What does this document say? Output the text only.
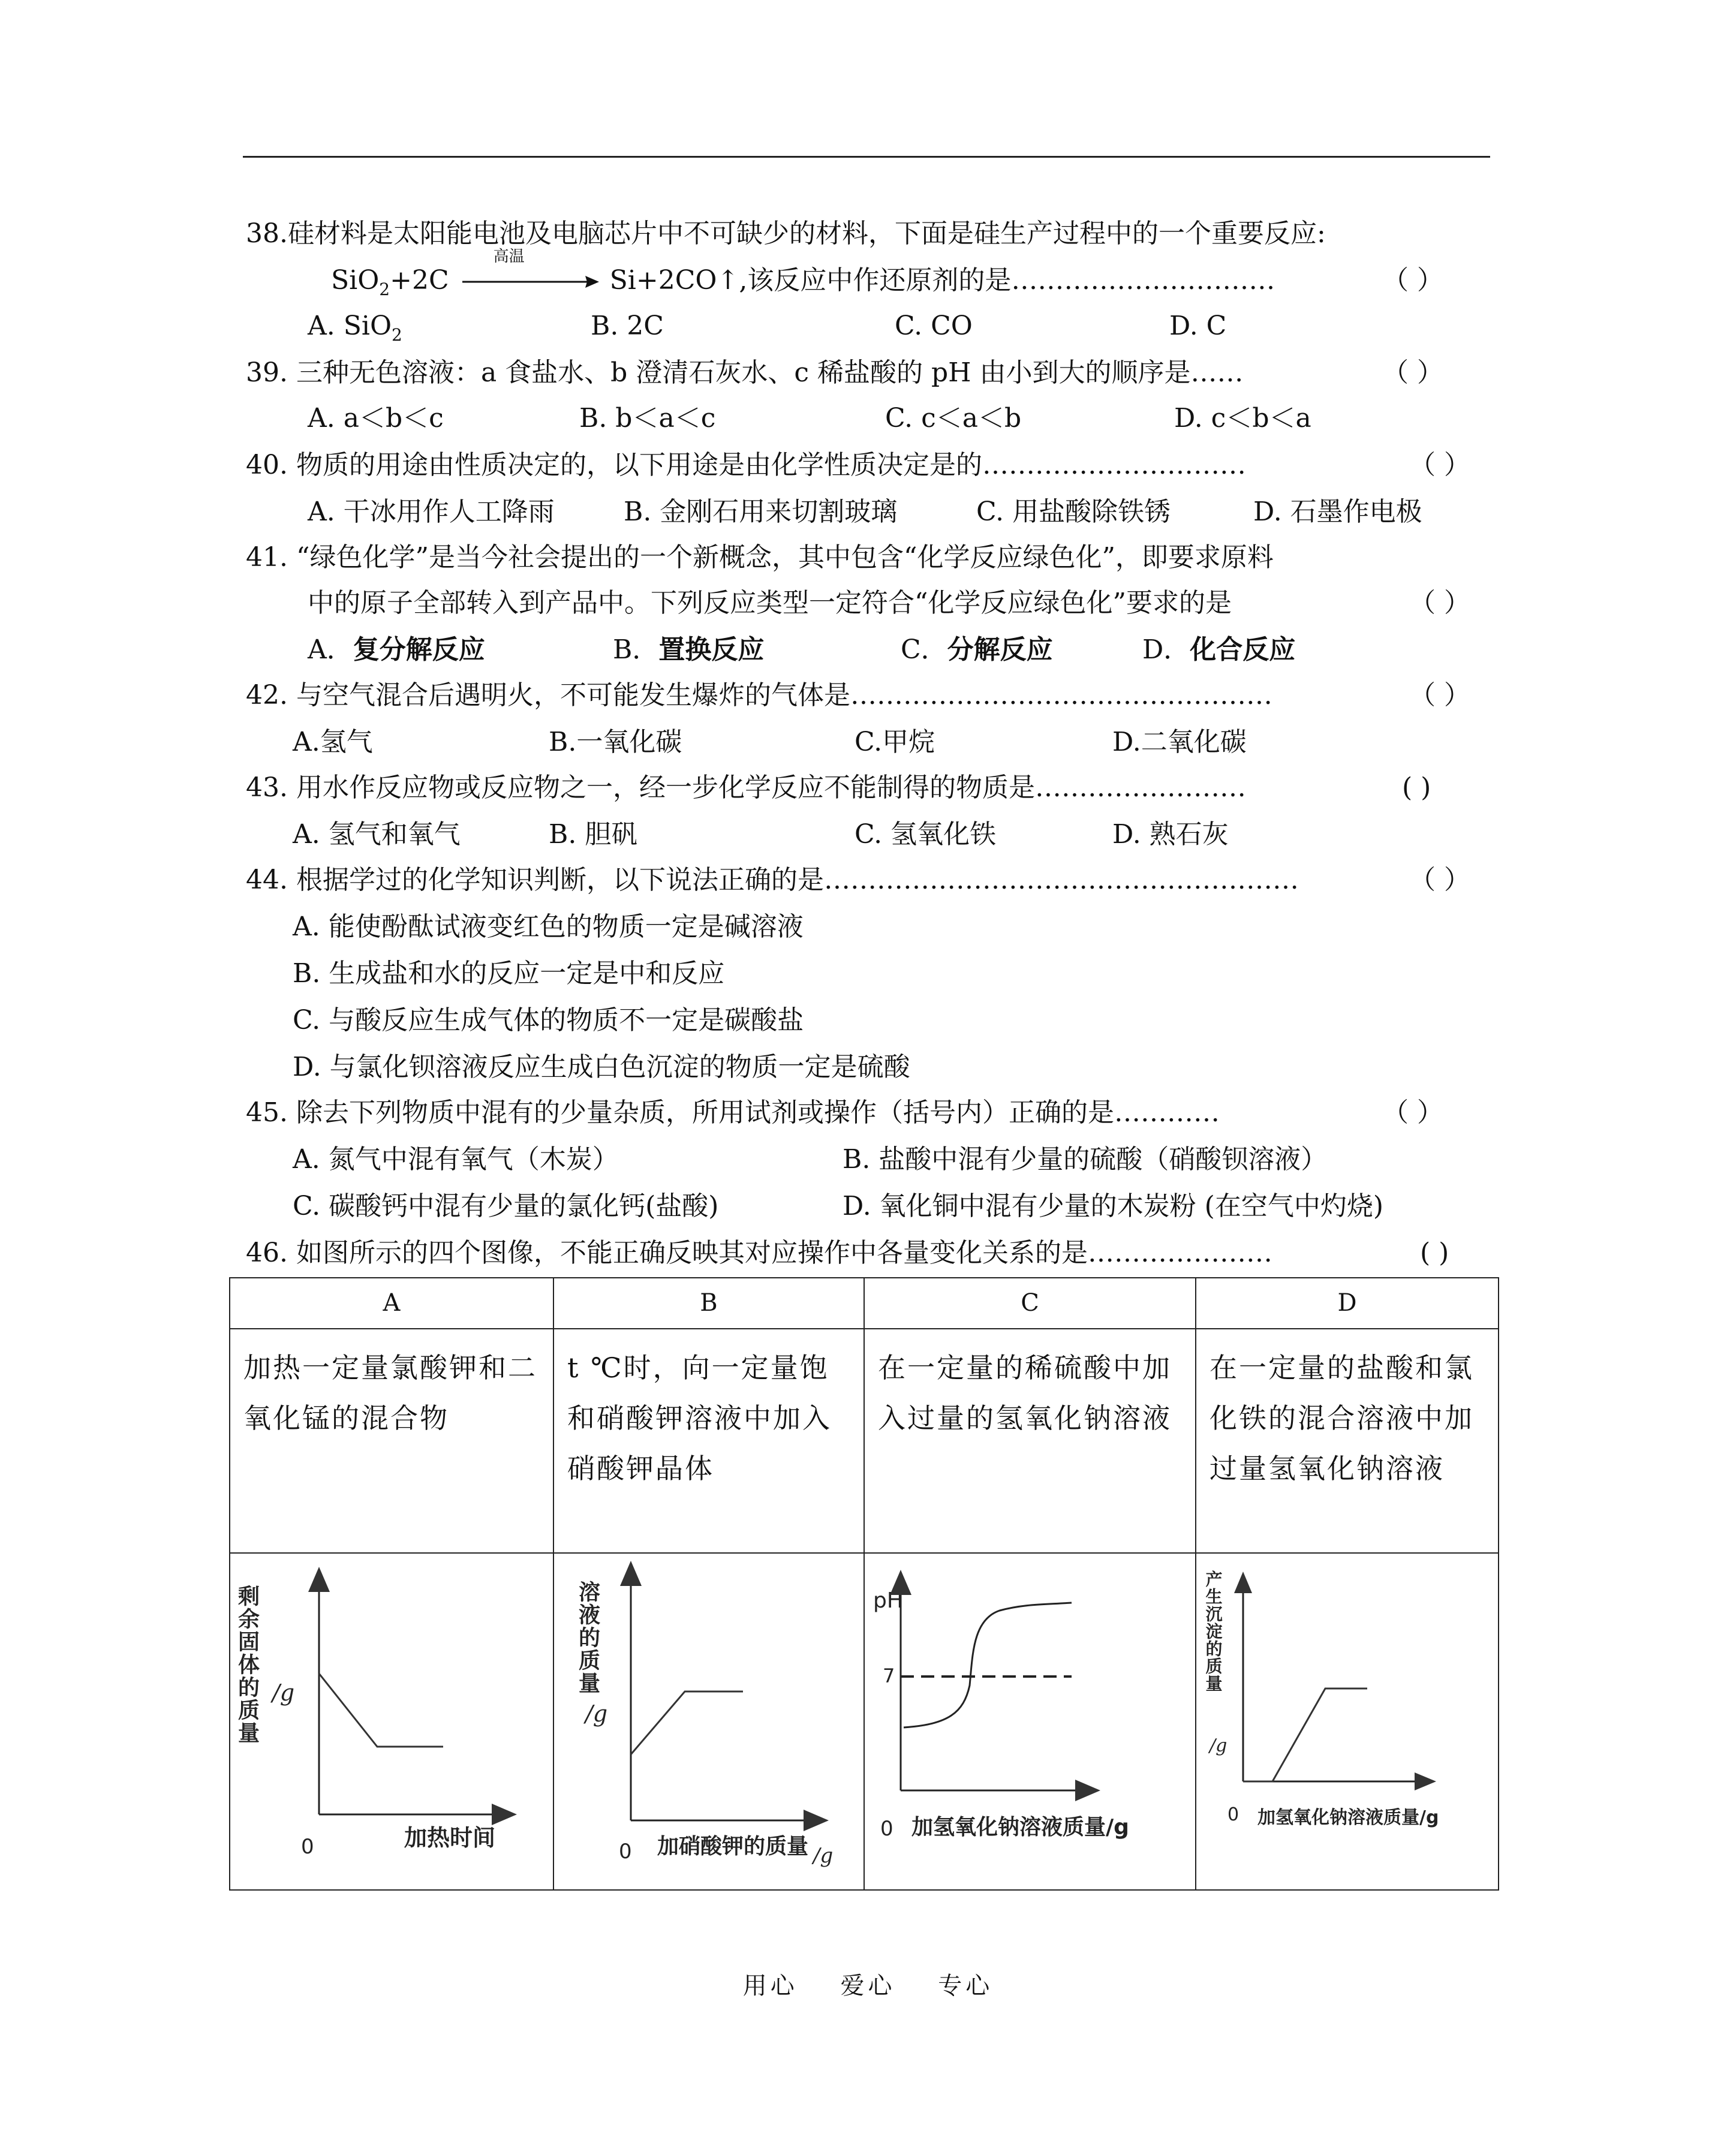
38.硅材料是太阳能电池及电脑芯片中不可缺少的材料，下面是硅生产过程中的一个重要反应:
SiO$_2$+2C
高温
Si+2CO↑,该反应中作还原剂的是…………………………	（ ）
A. SiO$_2$	B. 2C	C. CO	D. C
39. 三种无色溶液：a 食盐水、b 澄清石灰水、c 稀盐酸的 pH 由小到大的顺序是……	（ ）
A. a＜b＜c	B. b＜a＜c	C. c＜a＜b	D. c＜b＜a
40. 物质的用途由性质决定的，以下用途是由化学性质决定是的…………………………	（ ）
A. 干冰用作人工降雨	B. 金刚石用来切割玻璃	C. 用盐酸除铁锈	D. 石墨作电极
41. “绿色化学”是当今社会提出的一个新概念，其中包含“化学反应绿色化”，即要求原料
中的原子全部转入到产品中。下列反应类型一定符合“化学反应绿色化”要求的是	（ ）
A．复分解反应	B．置换反应	C．分解反应	D．化合反应
42. 与空气混合后遇明火，不可能发生爆炸的气体是…………………………………………	（ ）
A.氢气	B.一氧化碳	C.甲烷	D.二氧化碳
43. 用水作反应物或反应物之一，经一步化学反应不能制得的物质是……………………	( )
A. 氢气和氧气	B. 胆矾	C. 氢氧化铁	D. 熟石灰
44. 根据学过的化学知识判断，以下说法正确的是………………………………………………	（ ）
A. 能使酚酞试液变红色的物质一定是碱溶液
B. 生成盐和水的反应一定是中和反应
C. 与酸反应生成气体的物质不一定是碳酸盐
D. 与氯化钡溶液反应生成白色沉淀的物质一定是硫酸
45. 除去下列物质中混有的少量杂质，所用试剂或操作（括号内）正确的是…………	（ ）
A. 氮气中混有氧气（木炭）	B. 盐酸中混有少量的硫酸（硝酸钡溶液）
C. 碳酸钙中混有少量的氯化钙(盐酸)	D. 氧化铜中混有少量的木炭粉 (在空气中灼烧)
46. 如图所示的四个图像，不能正确反映其对应操作中各量变化关系的是…………………	( )
A	B	C	D
加热一定量氯酸钾和二氧化锰的混合物	t ℃时，向一定量饱和硝酸钾溶液中加入硝酸钾晶体	在一定量的稀硫酸中加入过量的氢氧化钠溶液	在一定量的盐酸和氯化铁的混合溶液中加过量氢氧化钠溶液

剩余固体的质量 /g
0 加热时间	溶液的质量
/g
0 加硝酸钾的质量 /g	pH
7
0 加氢氧化钠溶液质量/g	产生沉淀的质量
/g
0 加氢氧化钠溶液质量/g
用心 爱心 专心
